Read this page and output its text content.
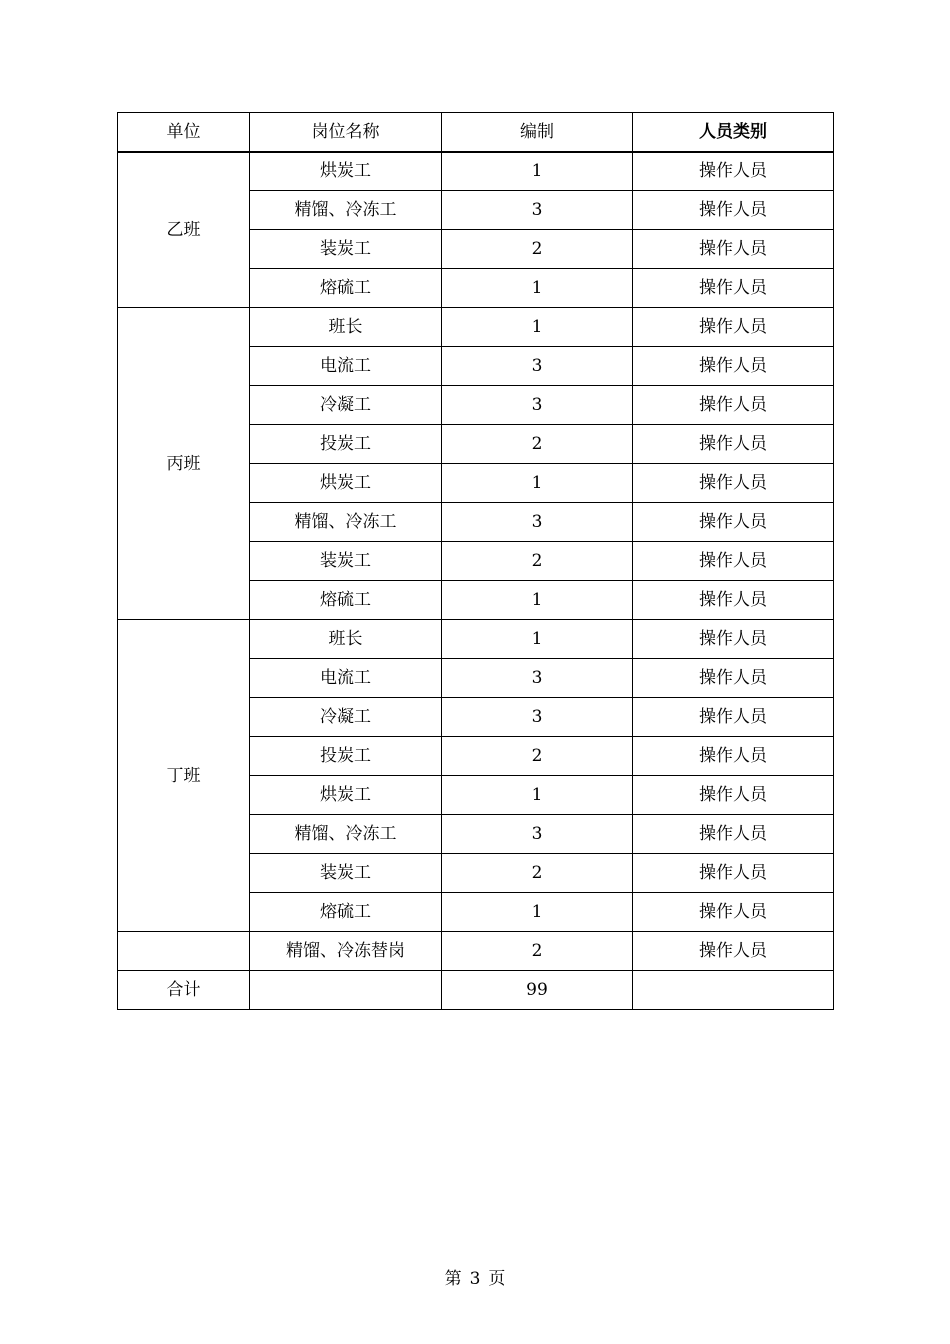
单位	岗位名称	编制	人员类别
乙班	烘炭工	1	操作人员
	精馏、冷冻工	3	操作人员
	装炭工	2	操作人员
	熔硫工	1	操作人员
丙班	班长	1	操作人员
	电流工	3	操作人员
	冷凝工	3	操作人员
	投炭工	2	操作人员
	烘炭工	1	操作人员
	精馏、冷冻工	3	操作人员
	装炭工	2	操作人员
	熔硫工	1	操作人员
丁班	班长	1	操作人员
	电流工	3	操作人员
	冷凝工	3	操作人员
	投炭工	2	操作人员
	烘炭工	1	操作人员
	精馏、冷冻工	3	操作人员
	装炭工	2	操作人员
	熔硫工	1	操作人员
	精馏、冷冻替岗	2	操作人员
合计		99	
第 3 页
